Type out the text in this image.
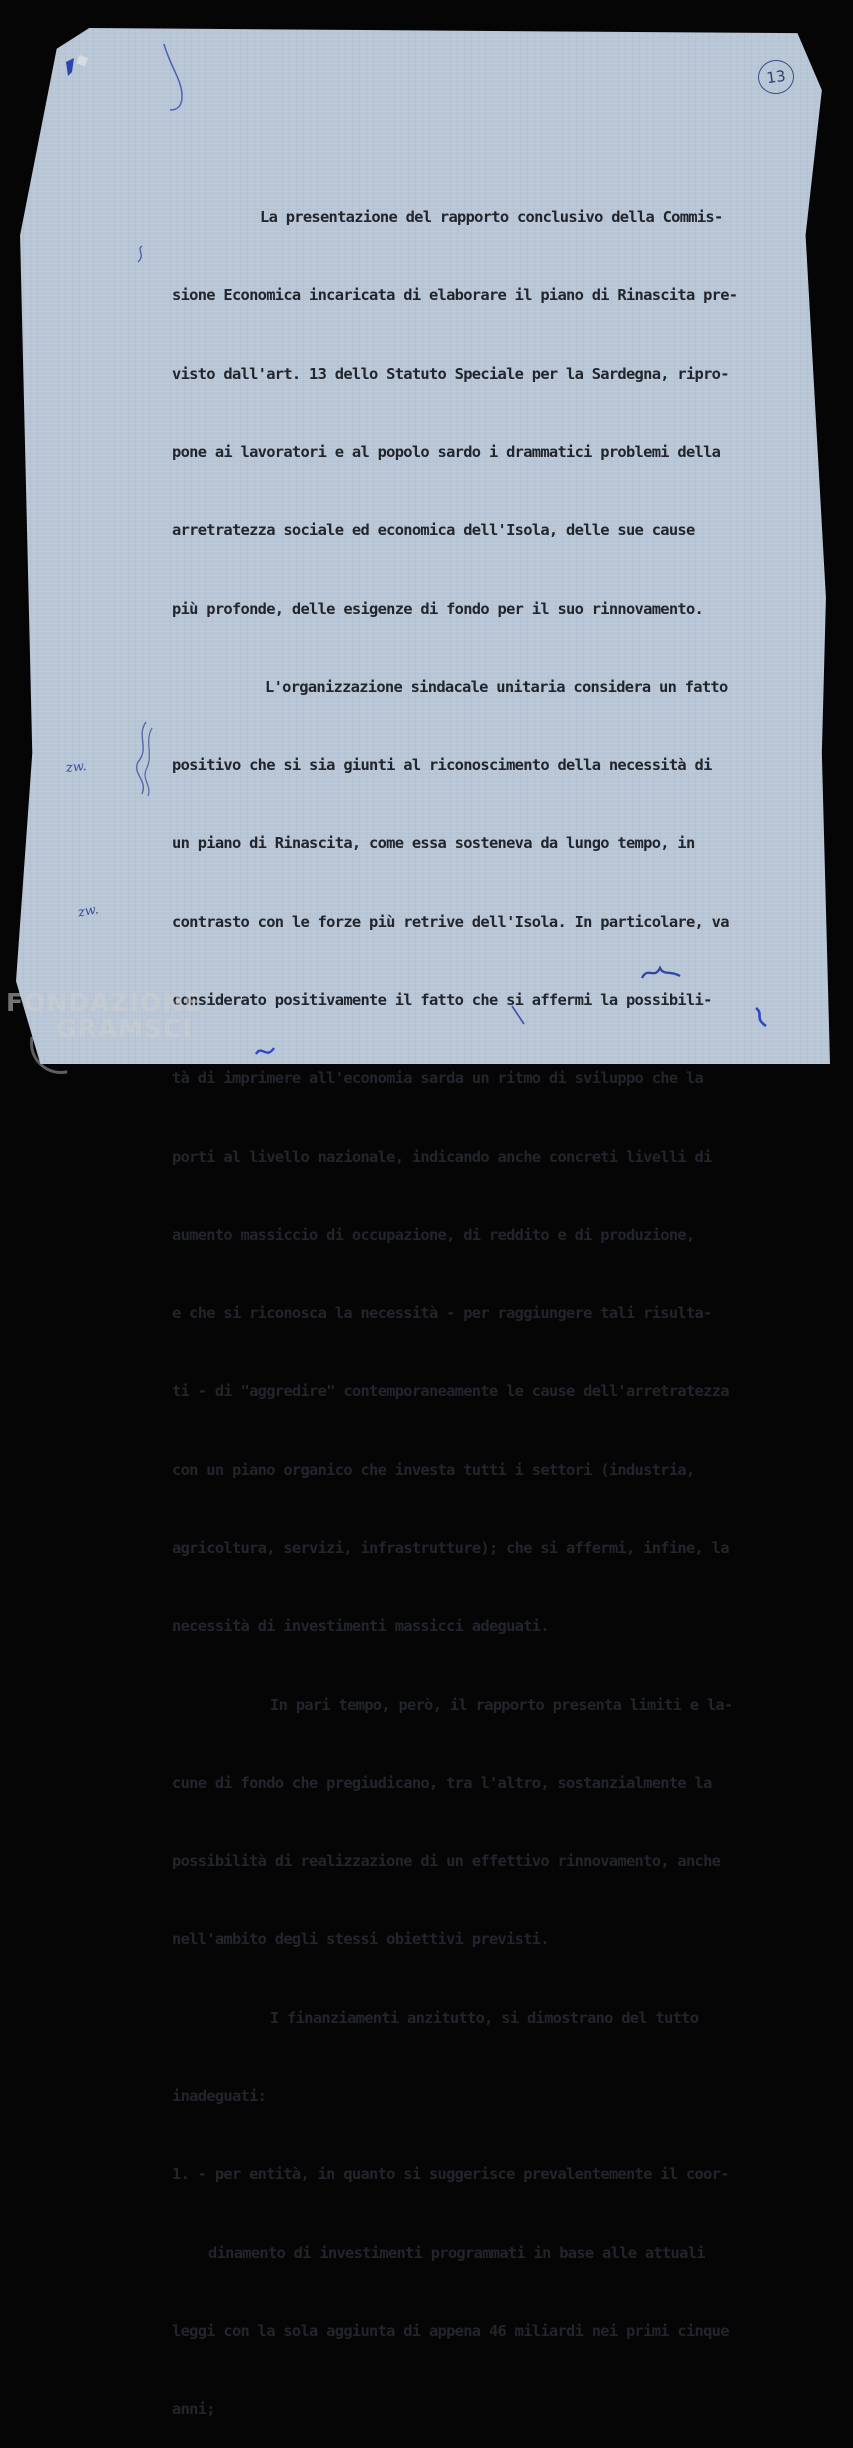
13

La presentazione del rapporto conclusivo della Commis-

sione Economica incaricata di elaborare il piano di Rinascita pre-

visto dall'art. 13 dello Statuto Speciale per la Sardegna, ripro-

pone ai lavoratori e al popolo sardo i drammatici problemi della

arretratezza sociale ed economica dell'Isola, delle sue cause

più profonde, delle esigenze di fondo per il suo rinnovamento.

L'organizzazione sindacale unitaria considera un fatto

positivo che si sia giunti al riconoscimento della necessità di

un piano di Rinascita, come essa sosteneva da lungo tempo, in

contrasto con le forze più retrive dell'Isola. In particolare, va

considerato positivamente il fatto che si affermi la possibili-

tà di imprimere all'economia sarda un ritmo di sviluppo che la

porti al livello nazionale, indicando anche concreti livelli di

aumento massiccio di occupazione, di reddito e di produzione,

e che si riconosca la necessità - per raggiungere tali risulta-

ti - di "aggredire" contemporaneamente le cause dell'arretratezza

con un piano organico che investa tutti i settori (industria,

agricoltura, servizi, infrastrutture); che si affermi, infine, la

necessità di investimenti massicci adeguati.

In pari tempo, però, il rapporto presenta limiti e la-

cune di fondo che pregiudicano, tra l'altro, sostanzialmente la

possibilità di realizzazione di un effettivo rinnovamento, anche

nell'ambito degli stessi obiettivi previsti.

I finanziamenti anzitutto, si dimostrano del tutto

inadeguati:

1. - per entità, in quanto si suggerisce prevalentemente il coor-

dinamento di investimenti programmati in base alle attuali

leggi con la sola aggiunta di appena 46 miliardi nei primi cinque

anni;

zw.
zw.
FONDAZIONE
GRAMSCI
